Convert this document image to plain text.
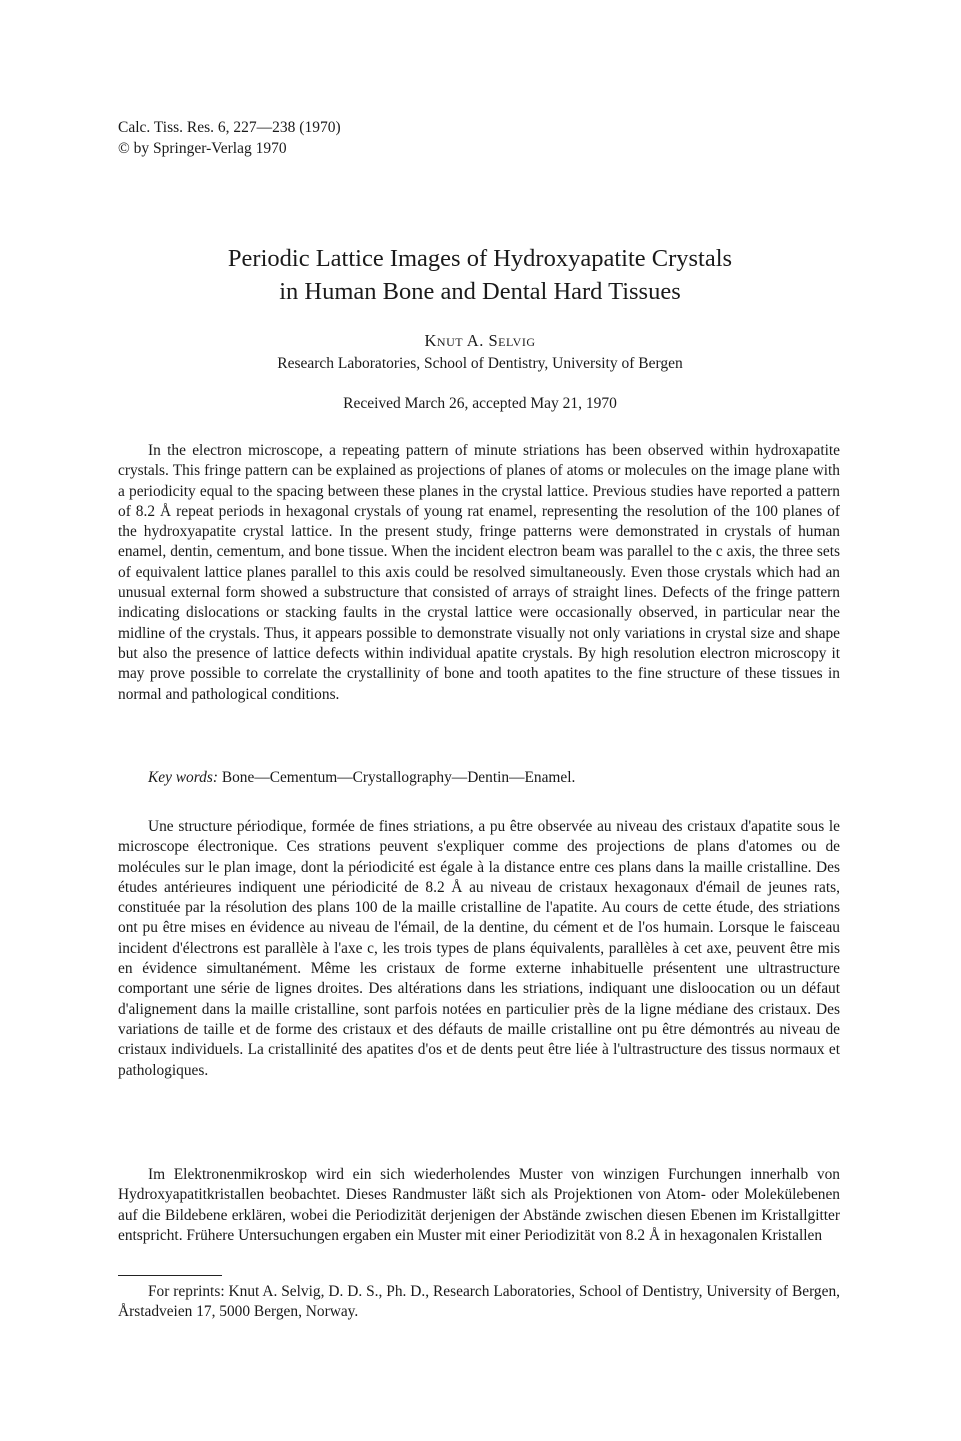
Calc. Tiss. Res. 6, 227—238 (1970)
© by Springer-Verlag 1970
Periodic Lattice Images of Hydroxyapatite Crystals
in Human Bone and Dental Hard Tissues
Knut A. Selvig
Research Laboratories, School of Dentistry, University of Bergen
Received March 26, accepted May 21, 1970

In the electron microscope, a repeating pattern of minute striations has been observed within hydroxapatite crystals. This fringe pattern can be explained as projections of planes of atoms or molecules on the image plane with a periodicity equal to the spacing between these planes in the crystal lattice. Previous studies have reported a pattern of 8.2 Å repeat periods in hexagonal crystals of young rat enamel, representing the resolution of the 100 planes of the hydroxyapatite crystal lattice. In the present study, fringe patterns were demonstrated in crystals of human enamel, dentin, cementum, and bone tissue. When the incident electron beam was parallel to the c axis, the three sets of equivalent lattice planes parallel to this axis could be resolved simultaneously. Even those crystals which had an unusual external form showed a substructure that consisted of arrays of straight lines. Defects of the fringe pattern indicating dislocations or stacking faults in the crystal lattice were occasionally observed, in particular near the midline of the crystals. Thus, it appears possible to demonstrate visually not only variations in crystal size and shape but also the presence of lattice defects within individual apatite crystals. By high resolution electron microscopy it may prove possible to correlate the crystallinity of bone and tooth apatites to the fine structure of these tissues in normal and pathological conditions.

Key words: Bone—Cementum—Crystallography—Dentin—Enamel.

Une structure périodique, formée de fines striations, a pu être observée au niveau des cristaux d'apatite sous le microscope électronique. Ces strations peuvent s'expliquer comme des projections de plans d'atomes ou de molécules sur le plan image, dont la périodicité est égale à la distance entre ces plans dans la maille cristalline. Des études antérieures indiquent une périodicité de 8.2 Å au niveau de cristaux hexagonaux d'émail de jeunes rats, constituée par la résolution des plans 100 de la maille cristalline de l'apatite. Au cours de cette étude, des striations ont pu être mises en évidence au niveau de l'émail, de la dentine, du cément et de l'os humain. Lorsque le faisceau incident d'électrons est parallèle à l'axe c, les trois types de plans équivalents, parallèles à cet axe, peuvent être mis en évidence simultanément. Même les cristaux de forme externe inhabituelle présentent une ultrastructure comportant une série de lignes droites. Des altérations dans les striations, indiquant une disloocation ou un défaut d'alignement dans la maille cristalline, sont parfois notées en particulier près de la ligne médiane des cristaux. Des variations de taille et de forme des cristaux et des défauts de maille cristalline ont pu être démontrés au niveau de cristaux individuels. La cristallinité des apatites d'os et de dents peut être liée à l'ultrastructure des tissus normaux et pathologiques.

Im Elektronenmikroskop wird ein sich wiederholendes Muster von winzigen Furchungen innerhalb von Hydroxyapatitkristallen beobachtet. Dieses Randmuster läßt sich als Projektionen von Atom- oder Molekülebenen auf die Bildebene erklären, wobei die Periodizität derjenigen der Abstände zwischen diesen Ebenen im Kristallgitter entspricht. Frühere Untersuchungen ergaben ein Muster mit einer Periodizität von 8.2 Å in hexagonalen Kristallen

For reprints: Knut A. Selvig, D. D. S., Ph. D., Research Laboratories, School of Dentistry, University of Bergen, Årstadveien 17, 5000 Bergen, Norway.
